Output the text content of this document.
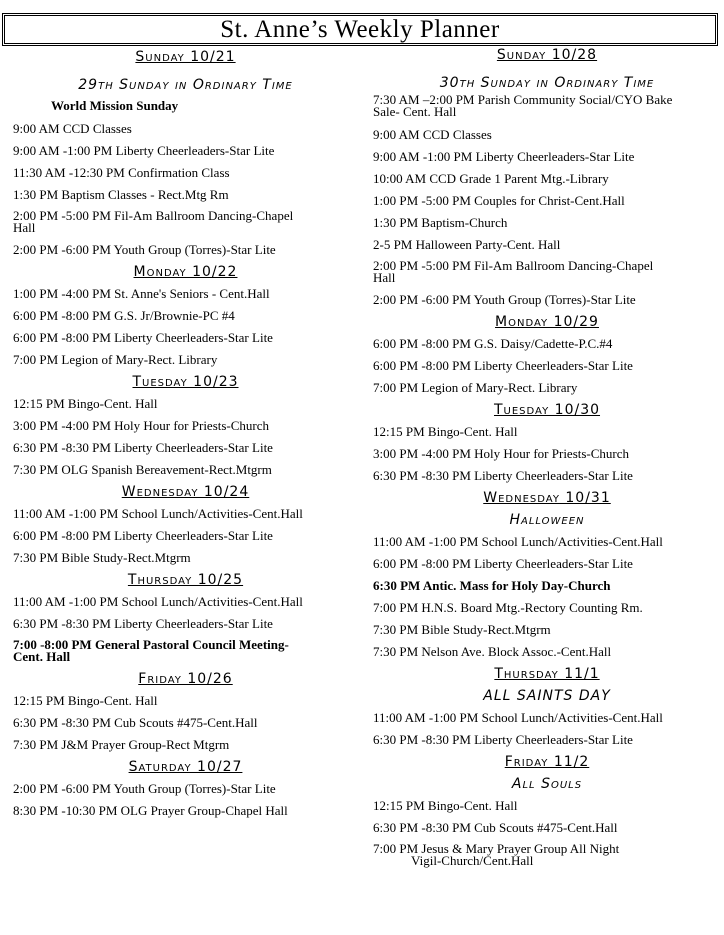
St. Anne’s Weekly Planner
Sunday 10/21
29th Sunday in Ordinary Time
World Mission Sunday
9:00 AM CCD Classes
9:00 AM -1:00 PM Liberty Cheerleaders-Star Lite
11:30 AM -12:30 PM Confirmation Class
1:30 PM Baptism Classes - Rect.Mtg Rm
2:00 PM -5:00 PM Fil-Am Ballroom Dancing-Chapel
Hall
2:00 PM -6:00 PM Youth Group (Torres)-Star Lite
Monday 10/22
1:00 PM -4:00 PM St. Anne's Seniors - Cent.Hall
6:00 PM -8:00 PM G.S. Jr/Brownie-PC #4
6:00 PM -8:00 PM Liberty Cheerleaders-Star Lite
7:00 PM Legion of Mary-Rect. Library
Tuesday 10/23
12:15 PM Bingo-Cent. Hall
3:00 PM -4:00 PM Holy Hour for Priests-Church
6:30 PM -8:30 PM Liberty Cheerleaders-Star Lite
7:30 PM OLG Spanish Bereavement-Rect.Mtgrm
Wednesday 10/24
11:00 AM -1:00 PM School Lunch/Activities-Cent.Hall
6:00 PM -8:00 PM Liberty Cheerleaders-Star Lite
7:30 PM Bible Study-Rect.Mtgrm
Thursday 10/25
11:00 AM -1:00 PM School Lunch/Activities-Cent.Hall
6:30 PM -8:30 PM Liberty Cheerleaders-Star Lite
7:00 -8:00 PM General Pastoral Council Meeting-
Cent. Hall
Friday 10/26
12:15 PM Bingo-Cent. Hall
6:30 PM -8:30 PM Cub Scouts #475-Cent.Hall
7:30 PM J&M Prayer Group-Rect Mtgrm
Saturday 10/27
2:00 PM -6:00 PM Youth Group (Torres)-Star Lite
8:30 PM -10:30 PM OLG Prayer Group-Chapel Hall
Sunday 10/28
30th Sunday in Ordinary Time
7:30 AM –2:00 PM Parish Community Social/CYO Bake
Sale- Cent. Hall
9:00 AM CCD Classes
9:00 AM -1:00 PM Liberty Cheerleaders-Star Lite
10:00 AM CCD Grade 1 Parent Mtg.-Library
1:00 PM -5:00 PM Couples for Christ-Cent.Hall
1:30 PM Baptism-Church
2-5 PM Halloween Party-Cent. Hall
2:00 PM -5:00 PM Fil-Am Ballroom Dancing-Chapel
Hall
2:00 PM -6:00 PM Youth Group (Torres)-Star Lite
Monday 10/29
6:00 PM -8:00 PM G.S. Daisy/Cadette-P.C.#4
6:00 PM -8:00 PM Liberty Cheerleaders-Star Lite
7:00 PM Legion of Mary-Rect. Library
Tuesday 10/30
12:15 PM Bingo-Cent. Hall
3:00 PM -4:00 PM Holy Hour for Priests-Church
6:30 PM -8:30 PM Liberty Cheerleaders-Star Lite
Wednesday 10/31
Halloween
11:00 AM -1:00 PM School Lunch/Activities-Cent.Hall
6:00 PM -8:00 PM Liberty Cheerleaders-Star Lite
6:30 PM Antic. Mass for Holy Day-Church
7:00 PM H.N.S. Board Mtg.-Rectory Counting Rm.
7:30 PM Bible Study-Rect.Mtgrm
7:30 PM Nelson Ave. Block Assoc.-Cent.Hall
Thursday 11/1
ALL SAINTS DAY
11:00 AM -1:00 PM School Lunch/Activities-Cent.Hall
6:30 PM -8:30 PM Liberty Cheerleaders-Star Lite
Friday 11/2
All Souls
12:15 PM Bingo-Cent. Hall
6:30 PM -8:30 PM Cub Scouts #475-Cent.Hall
7:00 PM Jesus & Mary Prayer Group All Night
Vigil-Church/Cent.Hall
